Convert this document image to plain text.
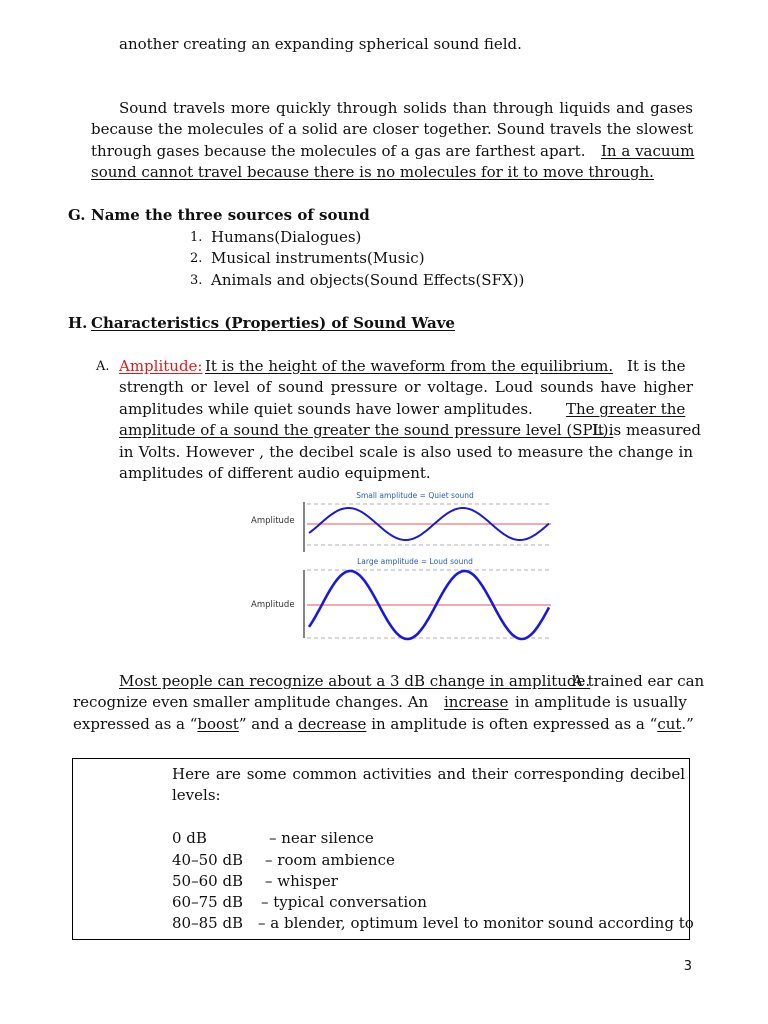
another creating an expanding spherical sound field.
Sound travels more quickly through solids than through liquids and gases
because the molecules of a solid are closer together. Sound travels the slowest
through gases because the molecules of a gas are farthest apart. In a vacuum
sound cannot travel because there is no molecules for it to move through.
G. Name the three sources of sound
1. Humans(Dialogues)
2. Musical instruments(Music)
3. Animals and objects(Sound Effects(SFX))
H. Characteristics (Properties) of Sound Wave
A. Amplitude: It is the height of the waveform from the equilibrium. It is the
strength or level of sound pressure or voltage. Loud sounds have higher
amplitudes while quiet sounds have lower amplitudes. The greater the
amplitude of a sound the greater the sound pressure level (SPL).
It is measured
in Volts. However , the decibel scale is also used to measure the change in
amplitudes of different audio equipment.
Small amplitude = Quiet sound
Amplitude
Large amplitude = Loud sound
Amplitude
Most people can recognize about a 3 dB change in amplitude.
A trained ear can
recognize even smaller amplitude changes. An increase in amplitude is usually
expressed as a “boost” and a decrease in amplitude is often expressed as a “cut.”
Here are some common activities and their corresponding decibel
levels:
0 dB	– near silence
40–50 dB – room ambience
50–60 dB – whisper
60–75 dB – typical conversation
80–85 dB – a blender, optimum level to monitor sound according to
3
